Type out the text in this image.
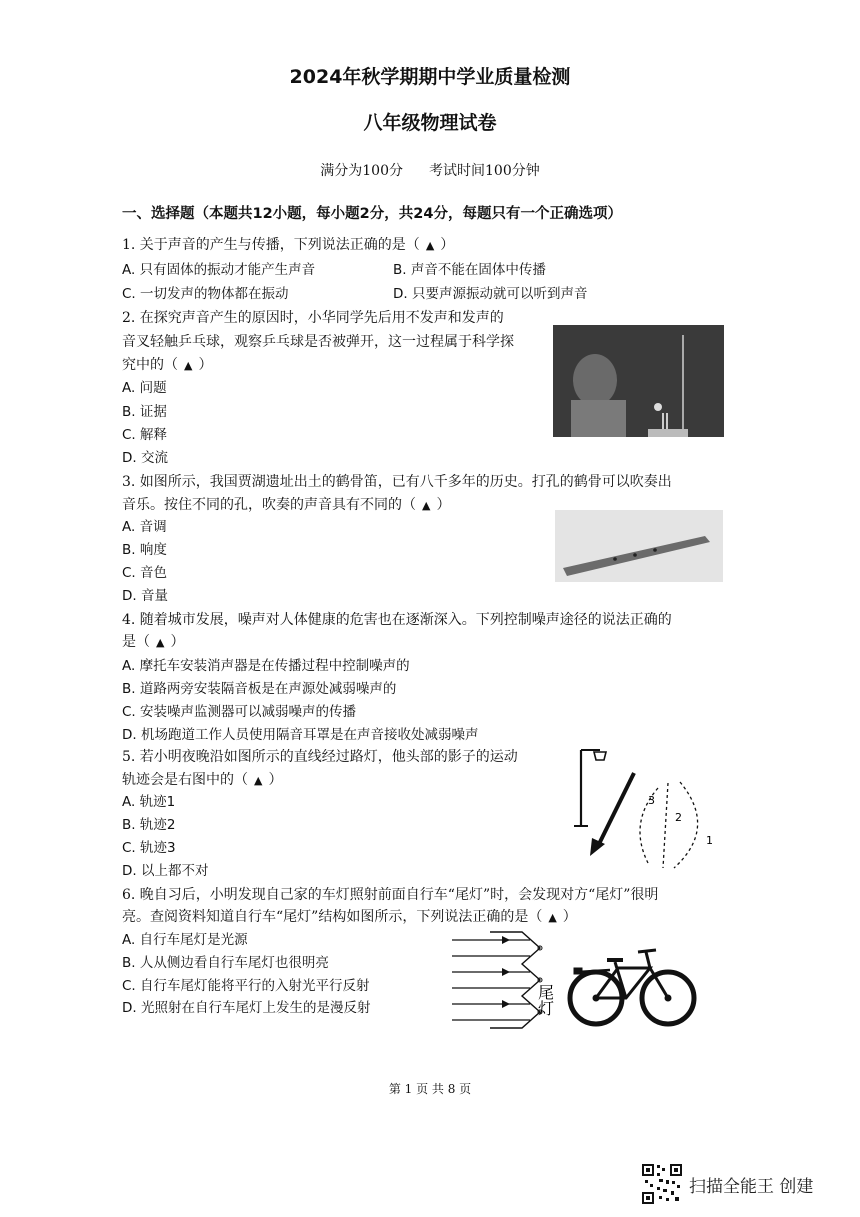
2024年秋学期期中学业质量检测
八年级物理试卷
满分为100分 考试时间100分钟
一、选择题（本题共12小题，每小题2分，共24分，每题只有一个正确选项）
1. 关于声音的产生与传播，下列说法正确的是（ ▲ ）
A. 只有固体的振动才能产生声音	B. 声音不能在固体中传播
C. 一切发声的物体都在振动	D. 只要声源振动就可以听到声音
2. 在探究声音产生的原因时，小华同学先后用不发声和发声的
音叉轻触乒乓球，观察乒乓球是否被弹开，这一过程属于科学探
究中的（ ▲ ）
A. 问题
B. 证据
C. 解释
D. 交流
3. 如图所示，我国贾湖遗址出土的鹤骨笛，已有八千多年的历史。打孔的鹤骨可以吹奏出
音乐。按住不同的孔，吹奏的声音具有不同的（ ▲ ）
A. 音调
B. 响度
C. 音色
D. 音量
4. 随着城市发展，噪声对人体健康的危害也在逐渐深入。下列控制噪声途径的说法正确的
是（ ▲ ）
A. 摩托车安装消声器是在传播过程中控制噪声的
B. 道路两旁安装隔音板是在声源处减弱噪声的
C. 安装噪声监测器可以减弱噪声的传播
D. 机场跑道工作人员使用隔音耳罩是在声音接收处减弱噪声
5. 若小明夜晚沿如图所示的直线经过路灯，他头部的影子的运动
轨迹会是右图中的（ ▲ ）
A. 轨迹1
B. 轨迹2
C. 轨迹3
D. 以上都不对
3
2
1
6. 晚自习后，小明发现自己家的车灯照射前面自行车“尾灯”时，会发现对方“尾灯”很明
亮。查阅资料知道自行车“尾灯”结构如图所示，下列说法正确的是（ ▲ ）
A. 自行车尾灯是光源
B. 人从侧边看自行车尾灯也很明亮
C. 自行车尾灯能将平行的入射光平行反射
D. 光照射在自行车尾灯上发生的是漫反射	尾灯
第 1 页 共 8 页
扫描全能王 创建
